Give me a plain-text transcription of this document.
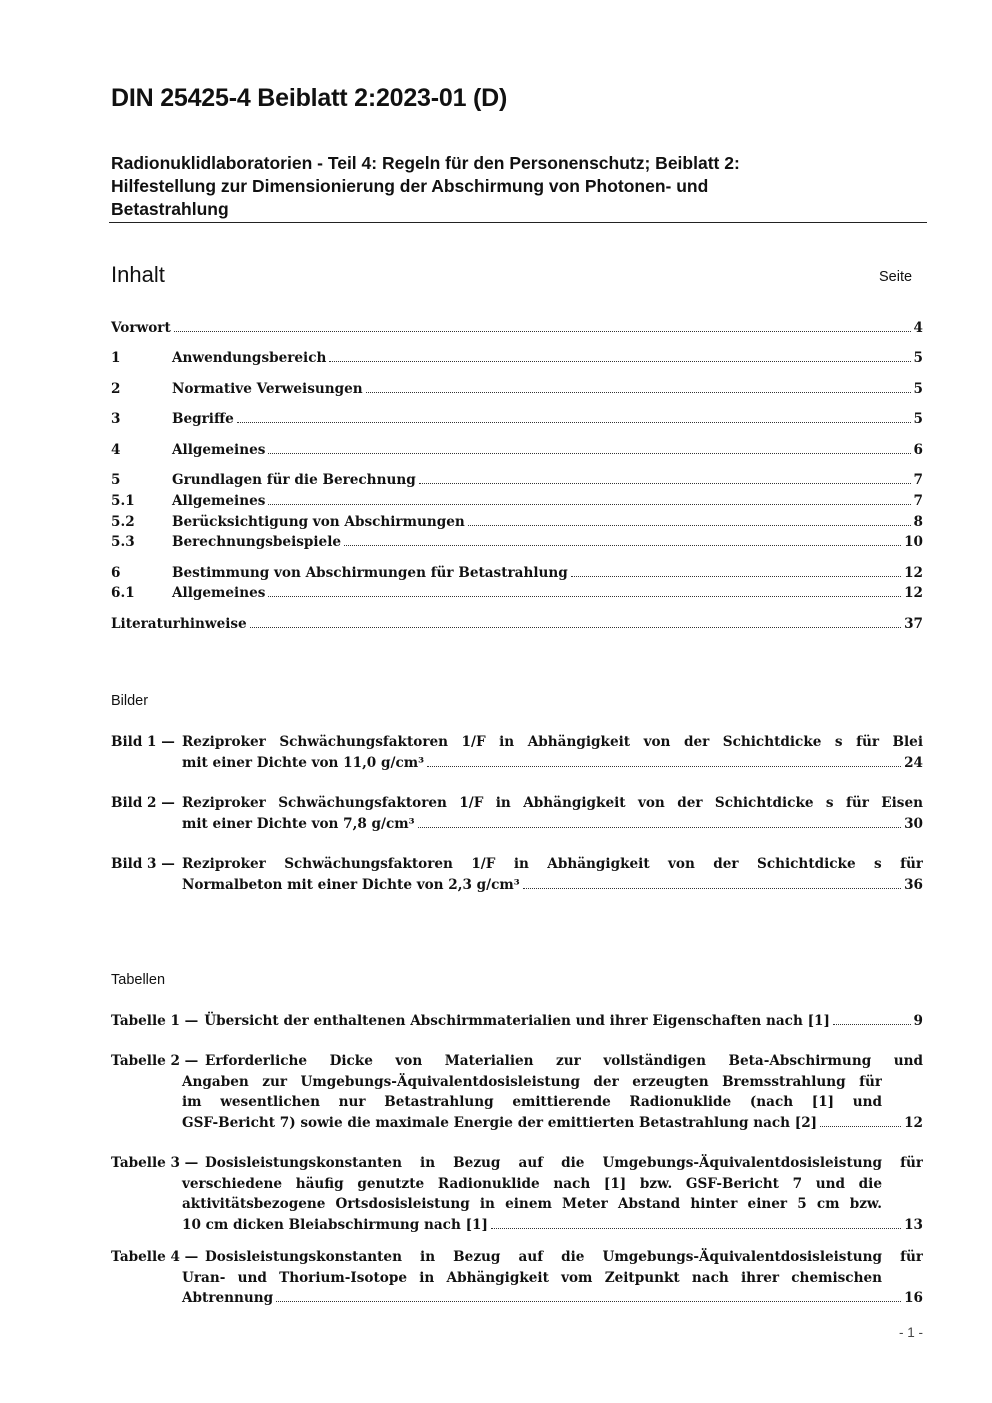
DIN 25425-4 Beiblatt 2:2023-01 (D)
Radionuklidlaboratorien - Teil 4: Regeln für den Personenschutz; Beiblatt 2:
Hilfestellung zur Dimensionierung der Abschirmung von Photonen- und
Betastrahlung
Inhalt	Seite
Vorwort	4
1	Anwendungsbereich	5
2	Normative Verweisungen	5
3	Begriffe	5
4	Allgemeines	6
5	Grundlagen für die Berechnung	7
5.1	Allgemeines	7
5.2	Berücksichtigung von Abschirmungen	8
5.3	Berechnungsbeispiele	10
6	Bestimmung von Abschirmungen für Betastrahlung	12
6.1	Allgemeines	12
Literaturhinweise	37
Bilder
Bild 1 — Reziproker Schwächungsfaktoren 1/F in Abhängigkeit von der Schichtdicke s für Blei
mit einer Dichte von 11,0 g/cm³	24
Bild 2 — Reziproker Schwächungsfaktoren 1/F in Abhängigkeit von der Schichtdicke s für Eisen
mit einer Dichte von 7,8 g/cm³	30
Bild 3 — Reziproker Schwächungsfaktoren 1/F in Abhängigkeit von der Schichtdicke s für
Normalbeton mit einer Dichte von 2,3 g/cm³	36
Tabellen
Tabelle 1 — Übersicht der enthaltenen Abschirmmaterialien und ihrer Eigenschaften nach [1]	9
Tabelle 2 — Erforderliche Dicke von Materialien zur vollständigen Beta-Abschirmung und
Angaben zur Umgebungs-Äquivalentdosisleistung der erzeugten Bremsstrahlung für
im wesentlichen nur Betastrahlung emittierende Radionuklide (nach [1] und
GSF-Bericht 7) sowie die maximale Energie der emittierten Betastrahlung nach [2]	12
Tabelle 3 — Dosisleistungskonstanten in Bezug auf die Umgebungs-Äquivalentdosisleistung für
verschiedene häufig genutzte Radionuklide nach [1] bzw. GSF-Bericht 7 und die
aktivitätsbezogene Ortsdosisleistung in einem Meter Abstand hinter einer 5 cm bzw.
10 cm dicken Bleiabschirmung nach [1]	13
Tabelle 4 — Dosisleistungskonstanten in Bezug auf die Umgebungs-Äquivalentdosisleistung für
Uran- und Thorium-Isotope in Abhängigkeit vom Zeitpunkt nach ihrer chemischen
Abtrennung	16
- 1 -
